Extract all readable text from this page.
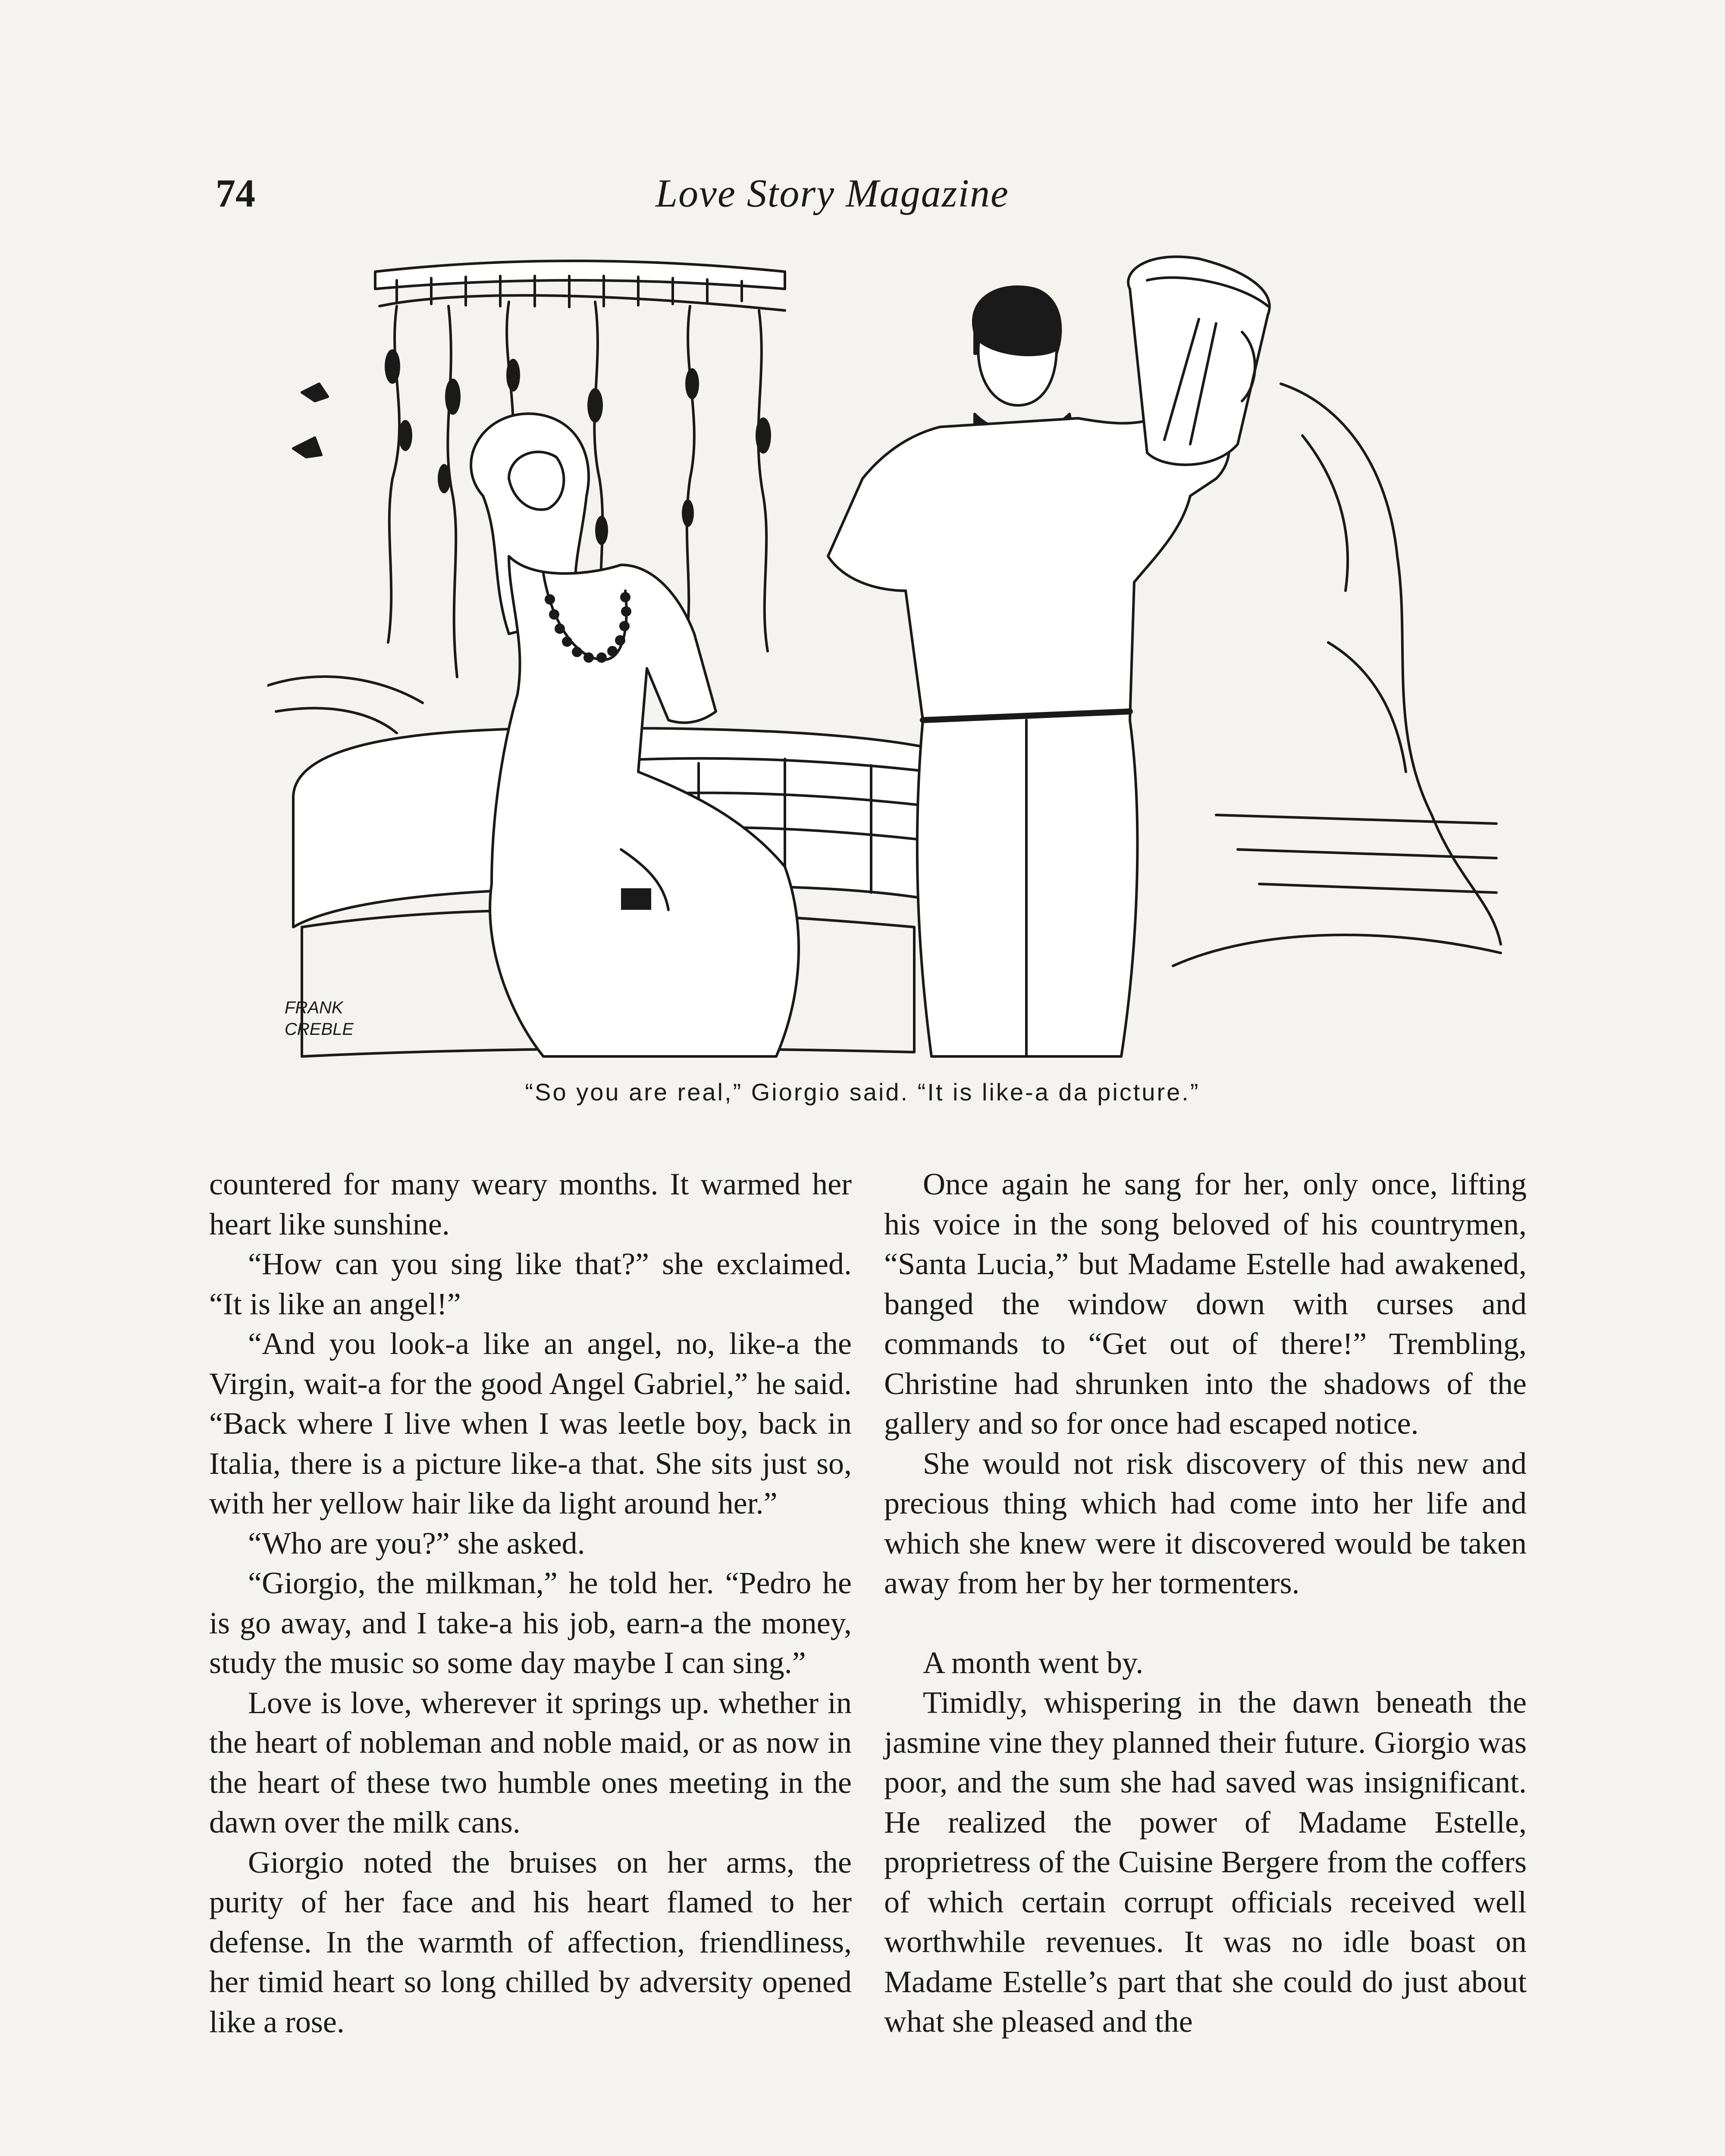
74	Love Story Magazine
FRANK
CREBLE
“So you are real,” Giorgio said. “It is like-a da picture.”

countered for many weary months. It warmed her heart like sunshine.

“How can you sing like that?” she exclaimed. “It is like an angel!”

“And you look-a like an angel, no, like-a the Virgin, wait-a for the good Angel Gabriel,” he said. “Back where I live when I was leetle boy, back in Italia, there is a picture like-a that. She sits just so, with her yellow hair like da light around her.”

“Who are you?” she asked.

“Giorgio, the milkman,” he told her. “Pedro he is go away, and I take-a his job, earn-a the money, study the music so some day maybe I can sing.”

Love is love, wherever it springs up. whether in the heart of nobleman and noble maid, or as now in the heart of these two humble ones meeting in the dawn over the milk cans.

Giorgio noted the bruises on her arms, the purity of her face and his heart flamed to her defense. In the warmth of affection, friendliness, her timid heart so long chilled by adversity opened like a rose.

Once again he sang for her, only once, lifting his voice in the song beloved of his countrymen, “Santa Lucia,” but Madame Estelle had awakened, banged the window down with curses and commands to “Get out of there!” Trembling, Christine had shrunken into the shadows of the gallery and so for once had escaped notice.

She would not risk discovery of this new and precious thing which had come into her life and which she knew were it discovered would be taken away from her by her tormenters.

A month went by.

Timidly, whispering in the dawn beneath the jasmine vine they planned their future. Giorgio was poor, and the sum she had saved was insignificant. He realized the power of Madame Estelle, proprietress of the Cuisine Bergere from the coffers of which certain corrupt officials received well worthwhile revenues. It was no idle boast on Madame Estelle’s part that she could do just about what she pleased and the
